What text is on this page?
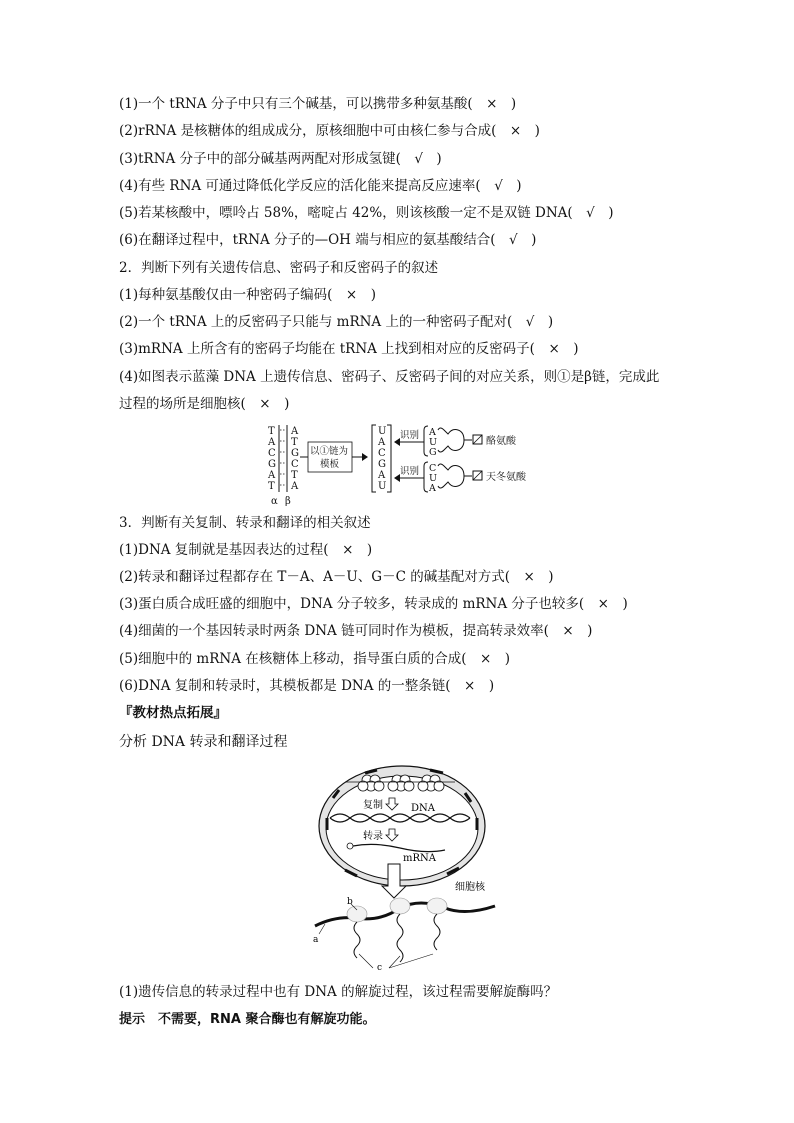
(1)一个 tRNA 分子中只有三个碱基，可以携带多种氨基酸(　×　)
(2)rRNA 是核糖体的组成成分，原核细胞中可由核仁参与合成(　×　)
(3)tRNA 分子中的部分碱基两两配对形成氢键(　√　)
(4)有些 RNA 可通过降低化学反应的活化能来提高反应速率(　√　)
(5)若某核酸中，嘌呤占 58%，嘧啶占 42%，则该核酸一定不是双链 DNA(　√　)
(6)在翻译过程中，tRNA 分子的—OH 端与相应的氨基酸结合(　√　)
2．判断下列有关遗传信息、密码子和反密码子的叙述
(1)每种氨基酸仅由一种密码子编码(　×　)
(2)一个 tRNA 上的反密码子只能与 mRNA 上的一种密码子配对(　√　)
(3)mRNA 上所含有的密码子均能在 tRNA 上找到相对应的反密码子(　×　)
(4)如图表示蓝藻 DNA 上遗传信息、密码子、反密码子间的对应关系，则①是β链，完成此
过程的场所是细胞核(　×　)
T
A
C
G
A
T
A
T
G
C
T
A
α β
以①链为
模板
U
A
C
G
A
U
识别
识别
A
U
G
酪氨酸
C
U
A
天冬氨酸
3．判断有关复制、转录和翻译的相关叙述
(1)DNA 复制就是基因表达的过程(　×　)
(2)转录和翻译过程都存在 T－A、A－U、G－C 的碱基配对方式(　×　)
(3)蛋白质合成旺盛的细胞中，DNA 分子较多，转录成的 mRNA 分子也较多(　×　)
(4)细菌的一个基因转录时两条 DNA 链可同时作为模板，提高转录效率(　×　)
(5)细胞中的 mRNA 在核糖体上移动，指导蛋白质的合成(　×　)
(6)DNA 复制和转录时，其模板都是 DNA 的一整条链(　×　)
『教材热点拓展』
分析 DNA 转录和翻译过程
复制	DNA
转录
mRNA
细胞核
a
b
c
(1)遗传信息的转录过程中也有 DNA 的解旋过程，该过程需要解旋酶吗？
提示　不需要，RNA 聚合酶也有解旋功能。
